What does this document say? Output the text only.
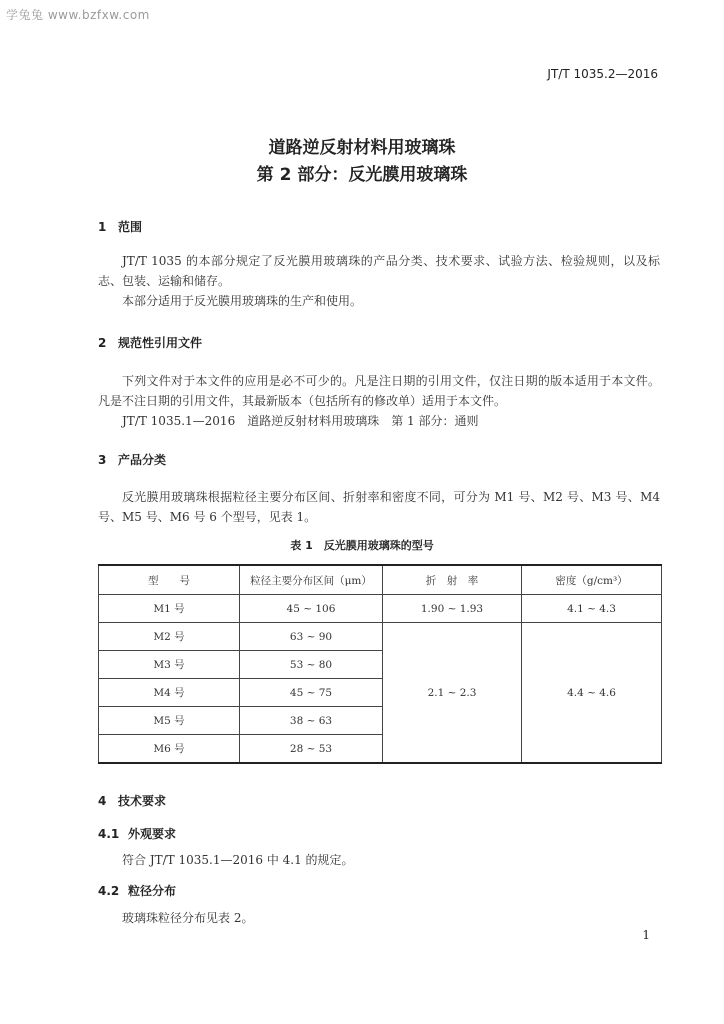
学兔兔 www.bzfxw.com
JT/T 1035.2—2016
道路逆反射材料用玻璃珠
第 2 部分：反光膜用玻璃珠
1 范围

JT/T 1035 的本部分规定了反光膜用玻璃珠的产品分类、技术要求、试验方法、检验规则，以及标志、包装、运输和储存。

本部分适用于反光膜用玻璃珠的生产和使用。

2 规范性引用文件

下列文件对于本文件的应用是必不可少的。凡是注日期的引用文件，仅注日期的版本适用于本文件。凡是不注日期的引用文件，其最新版本（包括所有的修改单）适用于本文件。

JT/T 1035.1—2016　道路逆反射材料用玻璃珠　第 1 部分：通则

3 产品分类

反光膜用玻璃珠根据粒径主要分布区间、折射率和密度不同，可分为 M1 号、M2 号、M3 号、M4 号、M5 号、M6 号 6 个型号，见表 1。

表 1　反光膜用玻璃珠的型号
型　　号	粒径主要分布区间（μm）	折　射　率	密度（g/cm³）
M1 号	45 ~ 106	1.90 ~ 1.93	4.1 ~ 4.3
M2 号	63 ~ 90	2.1 ~ 2.3	4.4 ~ 4.6
M3 号	53 ~ 80		
M4 号	45 ~ 75		
M5 号	38 ~ 63		
M6 号	28 ~ 53		
4 技术要求
4.1 外观要求

符合 JT/T 1035.1—2016 中 4.1 的规定。

4.2 粒径分布

玻璃珠粒径分布见表 2。

1
